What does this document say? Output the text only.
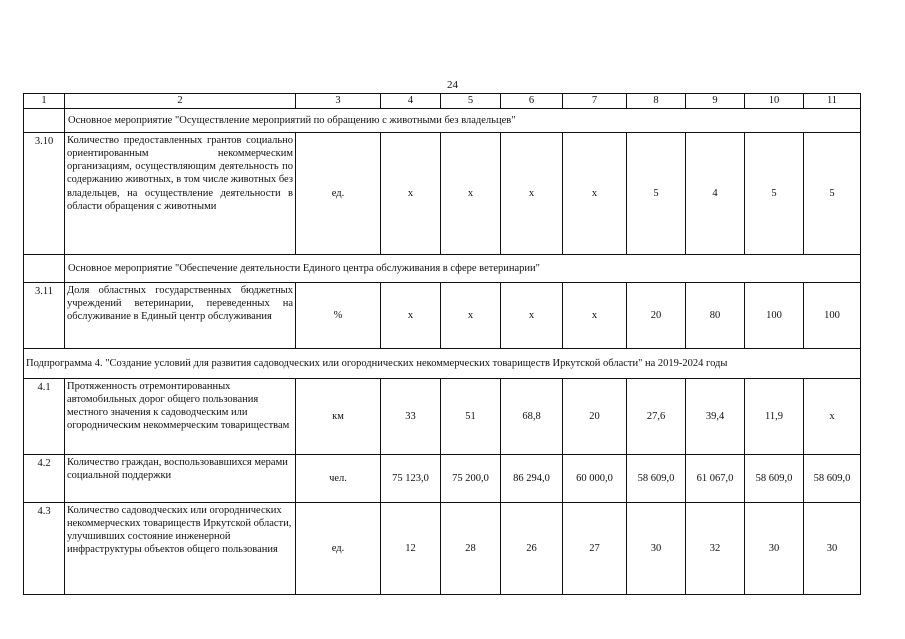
24
1	2	3	4	5	6	7	8	9	10	11
	Основное мероприятие "Осуществление мероприятий по обращению с животными без владельцев"									
3.10	Количество предоставленных грантов социально ориентированным некоммерческим организациям, осуществляющим деятельность по содержанию животных, в том числе животных без владельцев, на осуществление деятельности в области обращения с животными	ед.	х	х	х	х	5	4	5	5
	Основное мероприятие "Обеспечение деятельности Единого центра обслуживания в сфере ветеринарии"									
3.11	Доля областных государственных бюджетных учреждений ветеринарии, переведенных на обслуживание в Единый центр обслуживания	%	х	х	х	х	20	80	100	100
Подпрограмма 4. "Создание условий для развития садоводческих или огороднических некоммерческих товариществ Иркутской области" на 2019-2024 годы										
4.1	Протяженность отремонтированных автомобильных дорог общего пользования местного значения к садоводческим или огородническим некоммерческим товариществам	км	33	51	68,8	20	27,6	39,4	11,9	х
4.2	Количество граждан, воспользовавшихся мерами социальной поддержки	чел.	75 123,0	75 200,0	86 294,0	60 000,0	58 609,0	61 067,0	58 609,0	58 609,0
4.3	Количество садоводческих или огороднических некоммерческих товариществ Иркутской области, улучшивших состояние инженерной инфраструктуры объектов общего пользования	ед.	12	28	26	27	30	32	30	30
